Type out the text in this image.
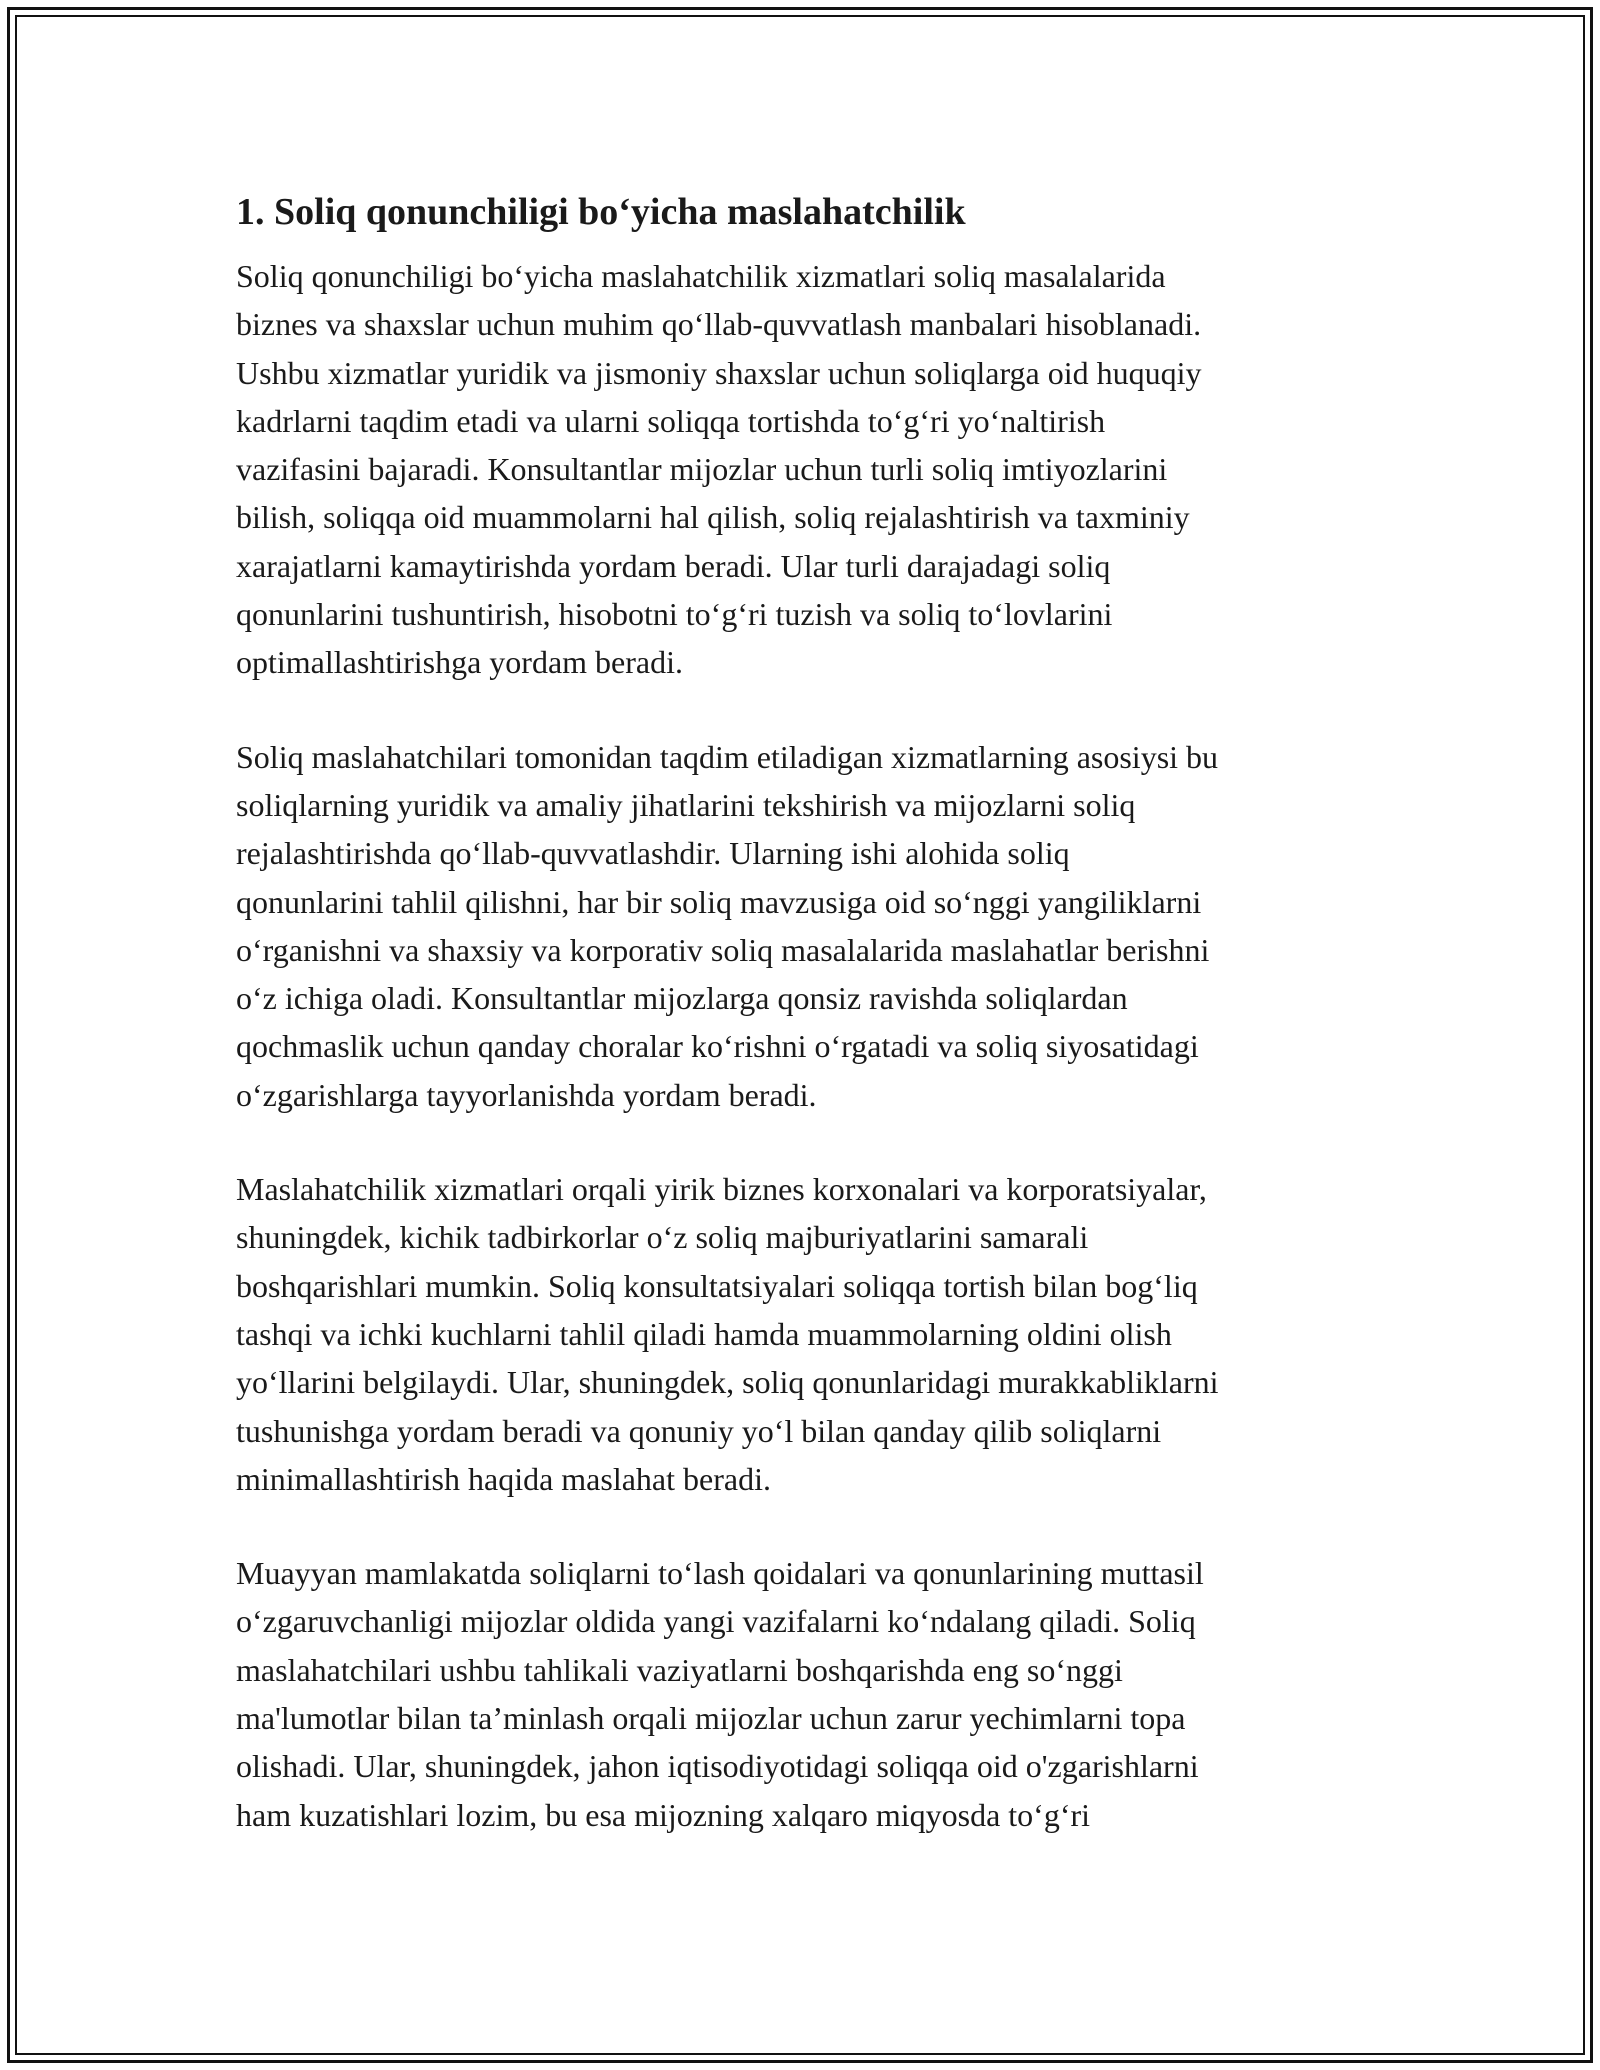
1. Soliq qonunchiligi bo‘yicha maslahatchilik
Soliq qonunchiligi bo‘yicha maslahatchilik xizmatlari soliq masalalarida
biznes va shaxslar uchun muhim qo‘llab-quvvatlash manbalari hisoblanadi.
Ushbu xizmatlar yuridik va jismoniy shaxslar uchun soliqlarga oid huquqiy
kadrlarni taqdim etadi va ularni soliqqa tortishda to‘g‘ri yo‘naltirish
vazifasini bajaradi. Konsultantlar mijozlar uchun turli soliq imtiyozlarini
bilish, soliqqa oid muammolarni hal qilish, soliq rejalashtirish va taxminiy
xarajatlarni kamaytirishda yordam beradi. Ular turli darajadagi soliq
qonunlarini tushuntirish, hisobotni to‘g‘ri tuzish va soliq to‘lovlarini
optimallashtirishga yordam beradi.
Soliq maslahatchilari tomonidan taqdim etiladigan xizmatlarning asosiysi bu
soliqlarning yuridik va amaliy jihatlarini tekshirish va mijozlarni soliq
rejalashtirishda qo‘llab-quvvatlashdir. Ularning ishi alohida soliq
qonunlarini tahlil qilishni, har bir soliq mavzusiga oid so‘nggi yangiliklarni
o‘rganishni va shaxsiy va korporativ soliq masalalarida maslahatlar berishni
o‘z ichiga oladi. Konsultantlar mijozlarga qonsiz ravishda soliqlardan
qochmaslik uchun qanday choralar ko‘rishni o‘rgatadi va soliq siyosatidagi
o‘zgarishlarga tayyorlanishda yordam beradi.
Maslahatchilik xizmatlari orqali yirik biznes korxonalari va korporatsiyalar,
shuningdek, kichik tadbirkorlar o‘z soliq majburiyatlarini samarali
boshqarishlari mumkin. Soliq konsultatsiyalari soliqqa tortish bilan bog‘liq
tashqi va ichki kuchlarni tahlil qiladi hamda muammolarning oldini olish
yo‘llarini belgilaydi. Ular, shuningdek, soliq qonunlaridagi murakkabliklarni
tushunishga yordam beradi va qonuniy yo‘l bilan qanday qilib soliqlarni
minimallashtirish haqida maslahat beradi.
Muayyan mamlakatda soliqlarni to‘lash qoidalari va qonunlarining muttasil
o‘zgaruvchanligi mijozlar oldida yangi vazifalarni ko‘ndalang qiladi. Soliq
maslahatchilari ushbu tahlikali vaziyatlarni boshqarishda eng so‘nggi
ma'lumotlar bilan ta’minlash orqali mijozlar uchun zarur yechimlarni topa
olishadi. Ular, shuningdek, jahon iqtisodiyotidagi soliqqa oid o'zgarishlarni
ham kuzatishlari lozim, bu esa mijozning xalqaro miqyosda to‘g‘ri
